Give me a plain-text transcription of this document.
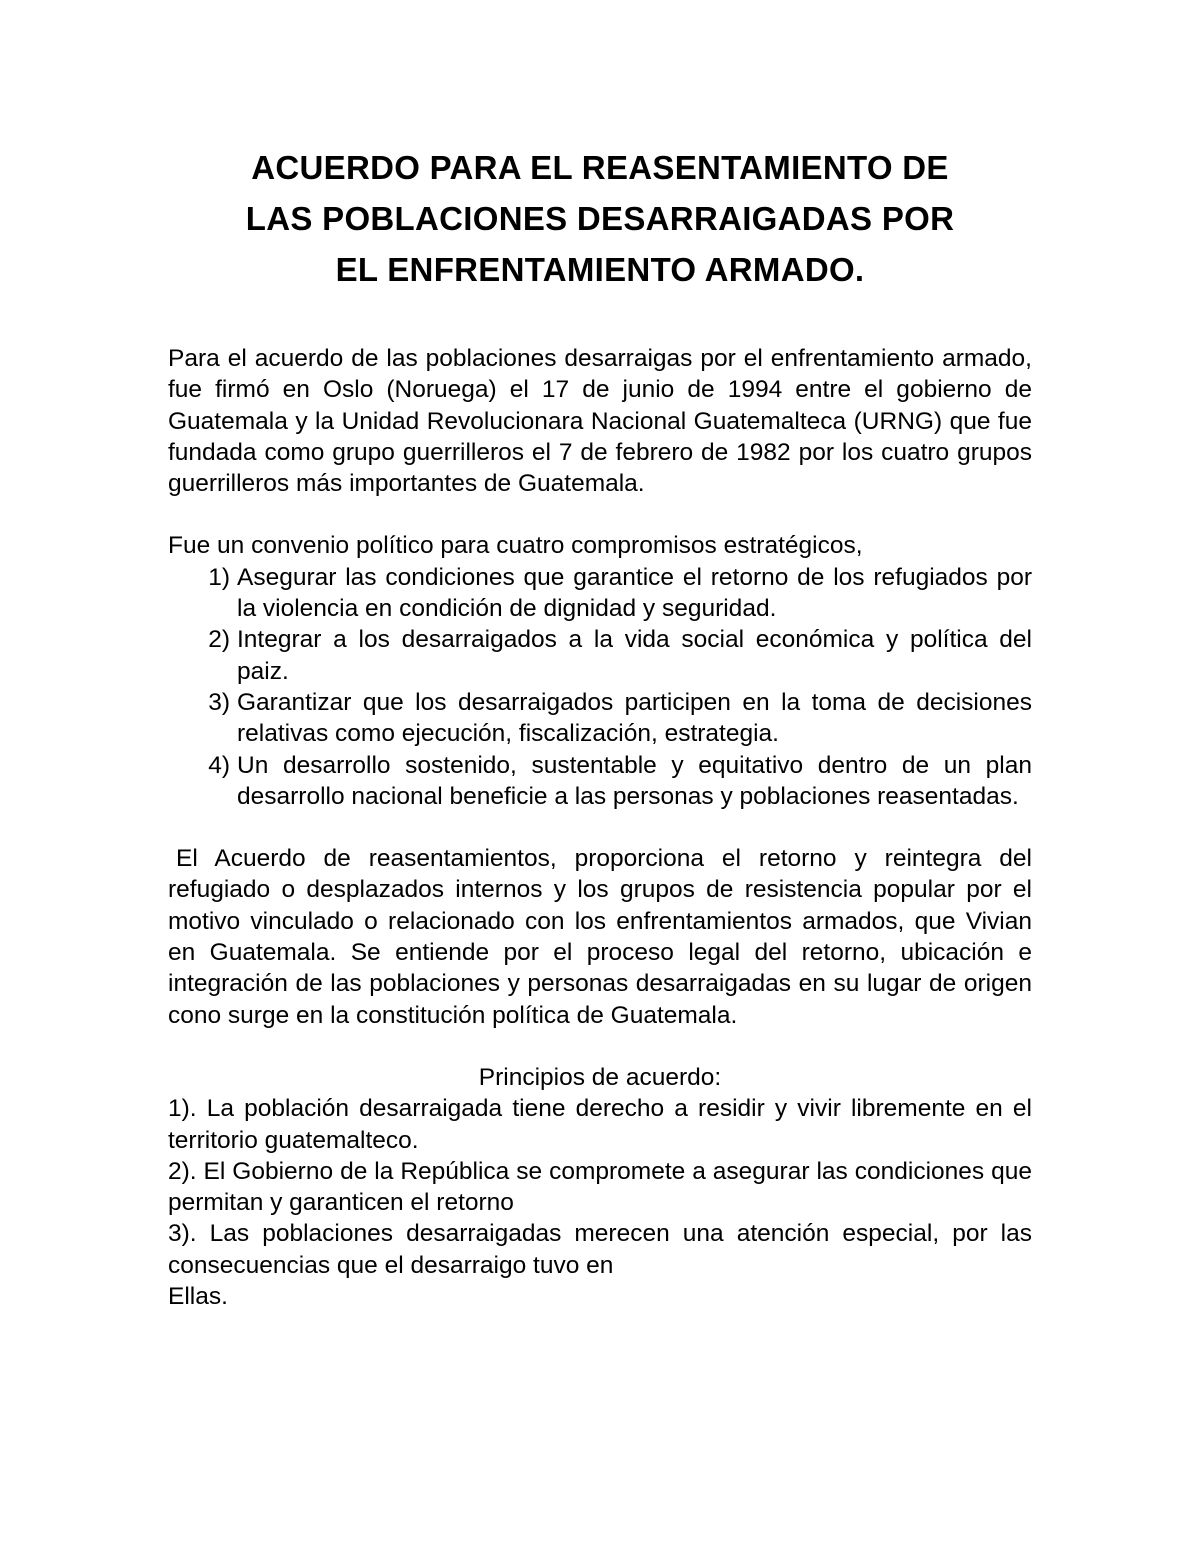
ACUERDO PARA EL REASENTAMIENTO DE
LAS POBLACIONES DESARRAIGADAS POR
EL ENFRENTAMIENTO ARMADO.

Para el acuerdo de las poblaciones desarraigas por el enfrentamiento armado, fue firmó en Oslo (Noruega) el 17 de junio de 1994 entre el gobierno de Guatemala y la Unidad Revolucionara Nacional Guatemalteca (URNG) que fue fundada como grupo guerrilleros el 7 de febrero de 1982 por los cuatro grupos guerrilleros más importantes de Guatemala.

Fue un convenio político para cuatro compromisos estratégicos,

1) Asegurar las condiciones que garantice el retorno de los refugiados por la violencia en condición de dignidad y seguridad.
2) Integrar a los desarraigados a la vida social económica y política del paiz.
3) Garantizar que los desarraigados participen en la toma de decisiones relativas como ejecución, fiscalización, estrategia.
4) Un desarrollo sostenido, sustentable y equitativo dentro de un plan desarrollo nacional beneficie a las personas y poblaciones reasentadas.

El Acuerdo de reasentamientos, proporciona el retorno y reintegra del refugiado o desplazados internos y los grupos de resistencia popular por el motivo vinculado o relacionado con los enfrentamientos armados, que Vivian en Guatemala. Se entiende por el proceso legal del retorno, ubicación e integración de las poblaciones y personas desarraigadas en su lugar de origen cono surge en la constitución política de Guatemala.

Principios de acuerdo:

1). La población desarraigada tiene derecho a residir y vivir libremente en el territorio guatemalteco.

2). El Gobierno de la República se compromete a asegurar las condiciones que permitan y garanticen el retorno

3). Las poblaciones desarraigadas merecen una atención especial, por las consecuencias que el desarraigo tuvo en

Ellas.
